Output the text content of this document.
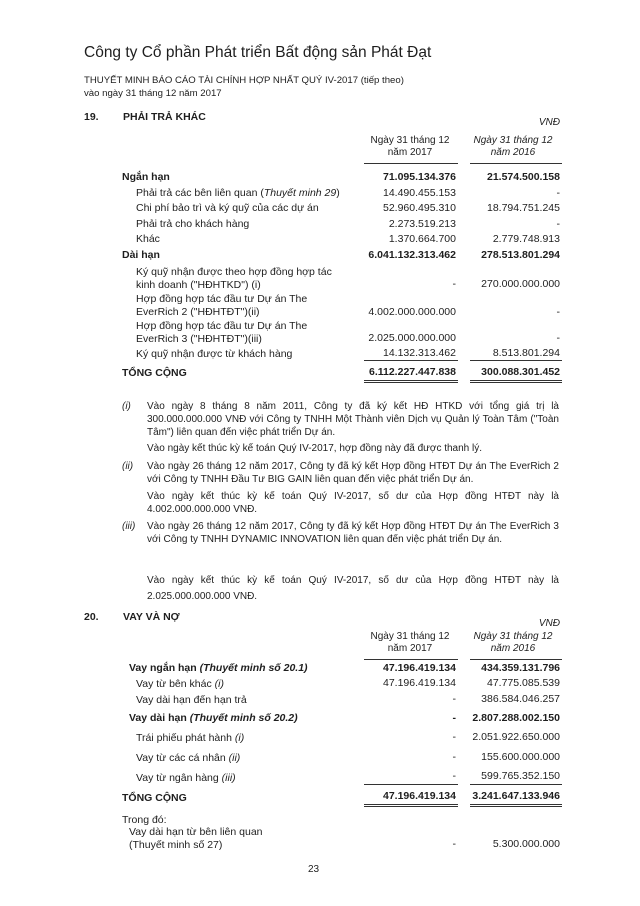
Công ty Cổ phần Phát triển Bất động sản Phát Đạt
THUYẾT MINH BÁO CÁO TÀI CHÍNH HỢP NHẤT QUÝ IV-2017 (tiếp theo)
vào ngày 31 tháng 12 năm 2017
19. PHẢI TRẢ KHÁC	VNĐ
Ngày 31 tháng 12
năm 2017
Ngày 31 tháng 12
năm 2016
Ngắn hạn	71.095.134.376	21.574.500.158
Phải trả các bên liên quan (Thuyết minh 29)	14.490.455.153	-
Chi phí bảo trì và ký quỹ của các dự án	52.960.495.310	18.794.751.245
Phải trả cho khách hàng	2.273.519.213	-
Khác	1.370.664.700	2.779.748.913
Dài hạn	6.041.132.313.462	278.513.801.294
Ký quỹ nhận được theo hợp đồng hợp tác
kinh doanh ("HĐHTKD") (i)	-	270.000.000.000
Hợp đồng hợp tác đầu tư Dự án The
EverRich 2 ("HĐHTĐT")(ii)	4.002.000.000.000	-
Hợp đồng hợp tác đầu tư Dự án The
EverRich 3 ("HĐHTĐT")(iii)	2.025.000.000.000	-
Ký quỹ nhận được từ khách hàng	14.132.313.462	8.513.801.294
TỔNG CỘNG	6.112.227.447.838	300.088.301.452
(i) Vào ngày 8 tháng 8 năm 2011, Công ty đã ký kết HĐ HTKD với tổng giá trị là 300.000.000.000 VNĐ với Công ty TNHH Một Thành viên Dịch vụ Quản lý Toàn Tâm ("Toàn Tâm") liên quan đến việc phát triển Dự án.
Vào ngày kết thúc kỳ kế toán Quý IV-2017, hợp đồng này đã được thanh lý.
(ii) Vào ngày 26 tháng 12 năm 2017, Công ty đã ký kết Hợp đồng HTĐT Dự án The EverRich 2 với Công ty TNHH Đầu Tư BIG GAIN liên quan đến việc phát triển Dự án.
Vào ngày kết thúc kỳ kế toán Quý IV-2017, số dư của Hợp đồng HTĐT này là 4.002.000.000.000 VNĐ.
(iii) Vào ngày 26 tháng 12 năm 2017, Công ty đã ký kết Hợp đồng HTĐT Dự án The EverRich 3 với Công ty TNHH DYNAMIC INNOVATION liên quan đến việc phát triển Dự án.
Vào ngày kết thúc kỳ kế toán Quý IV-2017, số dư của Hợp đồng HTĐT này là 2.025.000.000.000 VNĐ.
20. VAY VÀ NỢ
VNĐ
Ngày 31 tháng 12
năm 2017
Ngày 31 tháng 12
năm 2016
Vay ngắn hạn (Thuyết minh số 20.1)	47.196.419.134	434.359.131.796
Vay từ bên khác (i)	47.196.419.134	47.775.085.539
Vay dài hạn đến hạn trả	-	386.584.046.257
Vay dài hạn (Thuyết minh số 20.2)	-	2.807.288.002.150
Trái phiếu phát hành (i)	-	2.051.922.650.000
Vay từ các cá nhân (ii)	-	155.600.000.000
Vay từ ngân hàng (iii)	-	599.765.352.150
TỔNG CỘNG	47.196.419.134	3.241.647.133.946
Trong đó:
Vay dài hạn từ bên liên quan
(Thuyết minh số 27)	-	5.300.000.000
23
